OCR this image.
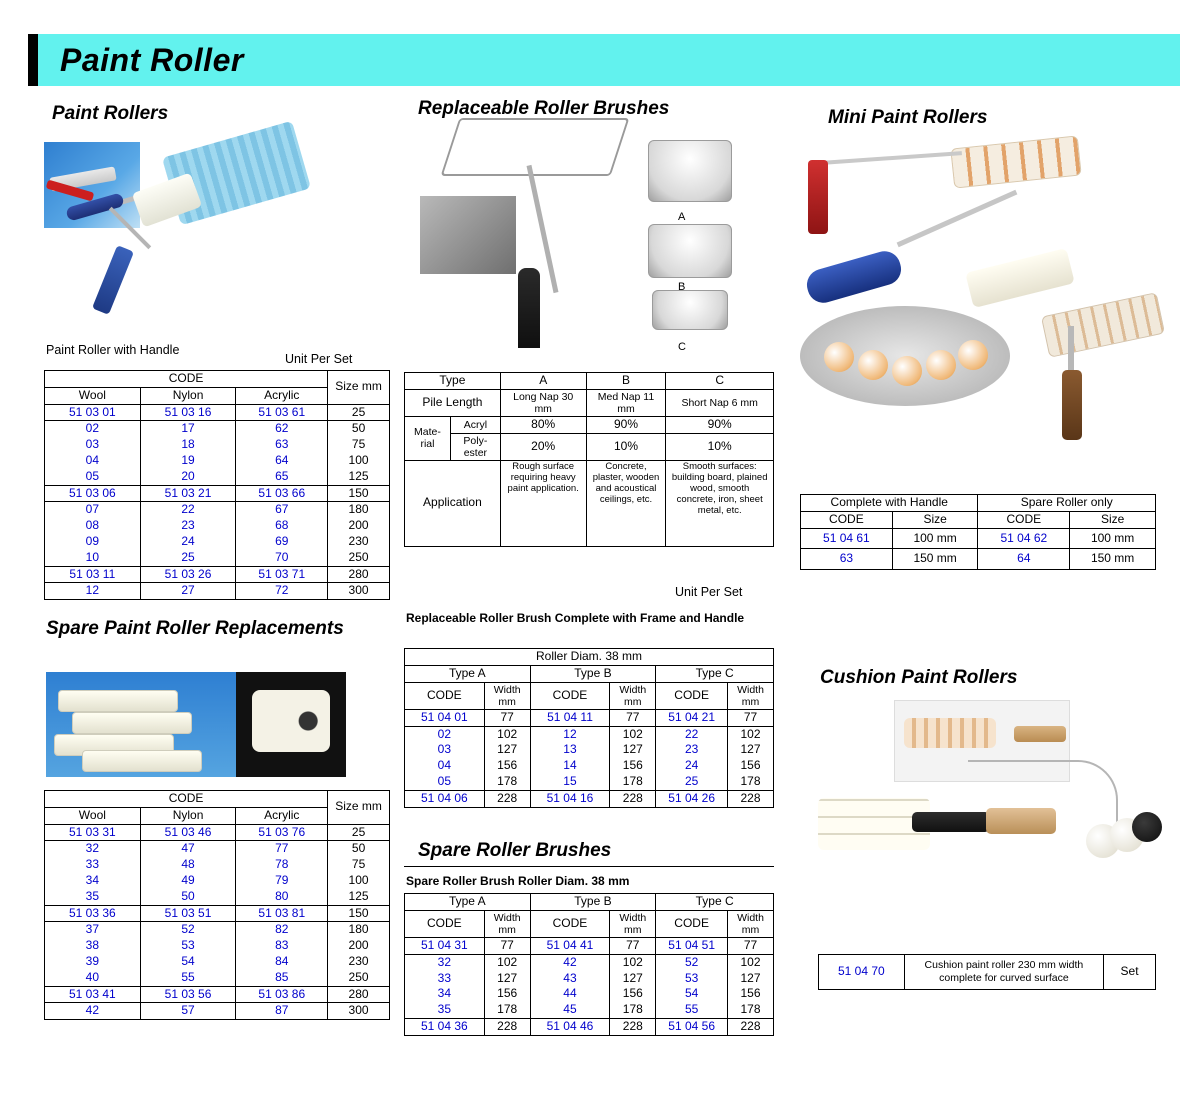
Paint Roller
Paint Rollers
Paint Roller with Handle
Unit Per Set
CODE			Size mm
Wool	Nylon	Acrylic	
51 03 01	51 03 16	51 03 61	25
02	17	62	50
03	18	63	75
04	19	64	100
05	20	65	125
51 03 06	51 03 21	51 03 66	150
07	22	67	180
08	23	68	200
09	24	69	230
10	25	70	250
51 03 11	51 03 26	51 03 71	280
12	27	72	300
Spare Paint Roller Replacements
CODE			Size mm
Wool	Nylon	Acrylic	
51 03 31	51 03 46	51 03 76	25
32	47	77	50
33	48	78	75
34	49	79	100
35	50	80	125
51 03 36	51 03 51	51 03 81	150
37	52	82	180
38	53	83	200
39	54	84	230
40	55	85	250
51 03 41	51 03 56	51 03 86	280
42	57	87	300
Replaceable Roller Brushes
A
B
C
Type		A	B	C
Pile Length		Long Nap 30 mm	Med Nap 11 mm	Short Nap 6 mm
Mate-rial	Acryl	80%	90%	90%
	Poly-ester	20%	10%	10%
Application		Rough surface requiring heavy paint application.	Concrete, plaster, wooden and acoustical ceilings, etc.	Smooth surfaces: building board, plained wood, smooth concrete, iron, sheet metal, etc.
Unit Per Set
Replaceable Roller Brush Complete with Frame and Handle
Roller Diam. 38 mm					
Type A		Type B		Type C	
CODE	Width mm	CODE	Width mm	CODE	Width mm
51 04 01	77	51 04 11	77	51 04 21	77
02	102	12	102	22	102
03	127	13	127	23	127
04	156	14	156	24	156
05	178	15	178	25	178
51 04 06	228	51 04 16	228	51 04 26	228
Spare Roller Brushes
Spare Roller Brush Roller Diam. 38 mm
Type A		Type B		Type C	
CODE	Width mm	CODE	Width mm	CODE	Width mm
51 04 31	77	51 04 41	77	51 04 51	77
32	102	42	102	52	102
33	127	43	127	53	127
34	156	44	156	54	156
35	178	45	178	55	178
51 04 36	228	51 04 46	228	51 04 56	228
Mini Paint Rollers
Complete with Handle		Spare Roller only	
CODE	Size	CODE	Size
51 04 61	100 mm	51 04 62	100 mm
63	150 mm	64	150 mm
Cushion Paint Rollers
51 04 70	Cushion paint roller 230 mm width complete for curved surface	Set
